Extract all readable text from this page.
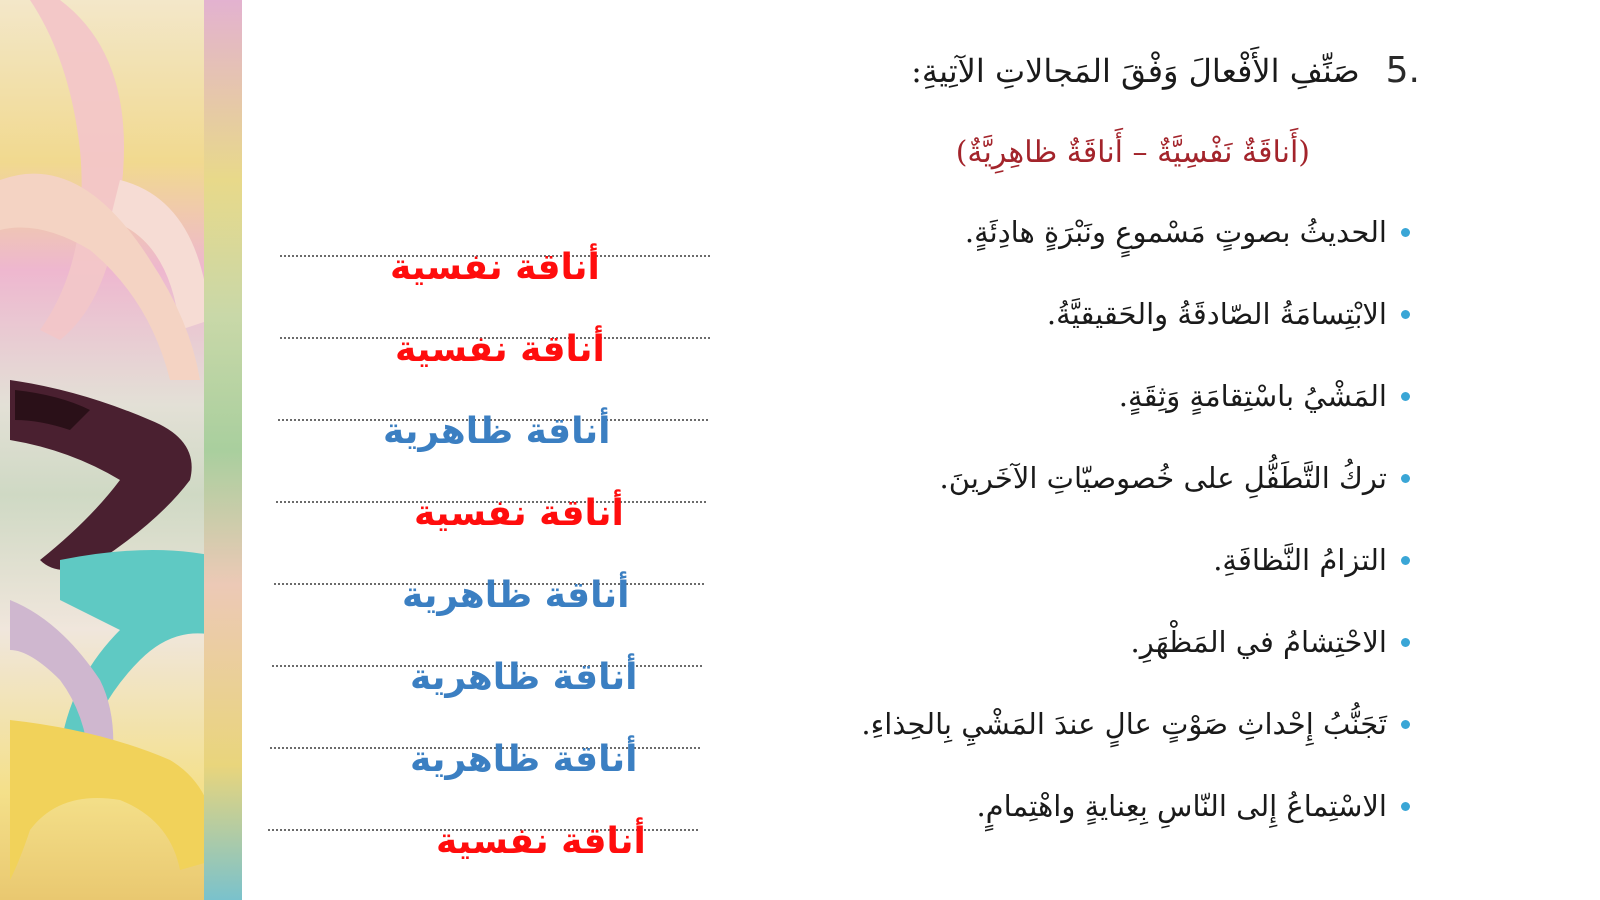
.5
صَنِّفِ الأَفْعالَ وَفْقَ المَجالاتِ الآتِيةِ:
(أَناقَةٌ نَفْسِيَّةٌ – أَناقَةٌ ظاهِرِيَّةٌ)
الحديثُ بصوتٍ مَسْموعٍ ونَبْرَةٍ هادِئَةٍ.
أناقة نفسية
الابْتِسامَةُ الصّادقَةُ والحَقيقيَّةُ.
أناقة نفسية
المَشْيُ باسْتِقامَةٍ وَثِقَةٍ.
أناقة ظاهرية
تركُ التَّطَفُّلِ على خُصوصيّاتِ الآخَرينَ.
أناقة نفسية
التزامُ النَّظافَةِ.
أناقة ظاهرية
الاحْتِشامُ في المَظْهَرِ.
أناقة ظاهرية
تَجَنُّبُ إِحْداثِ صَوْتٍ عالٍ عندَ المَشْيِ بِالحِذاءِ.
أناقة ظاهرية
الاسْتِماعُ إِلى النّاسِ بِعِنايةٍ واهْتِمامٍ.
أناقة نفسية
